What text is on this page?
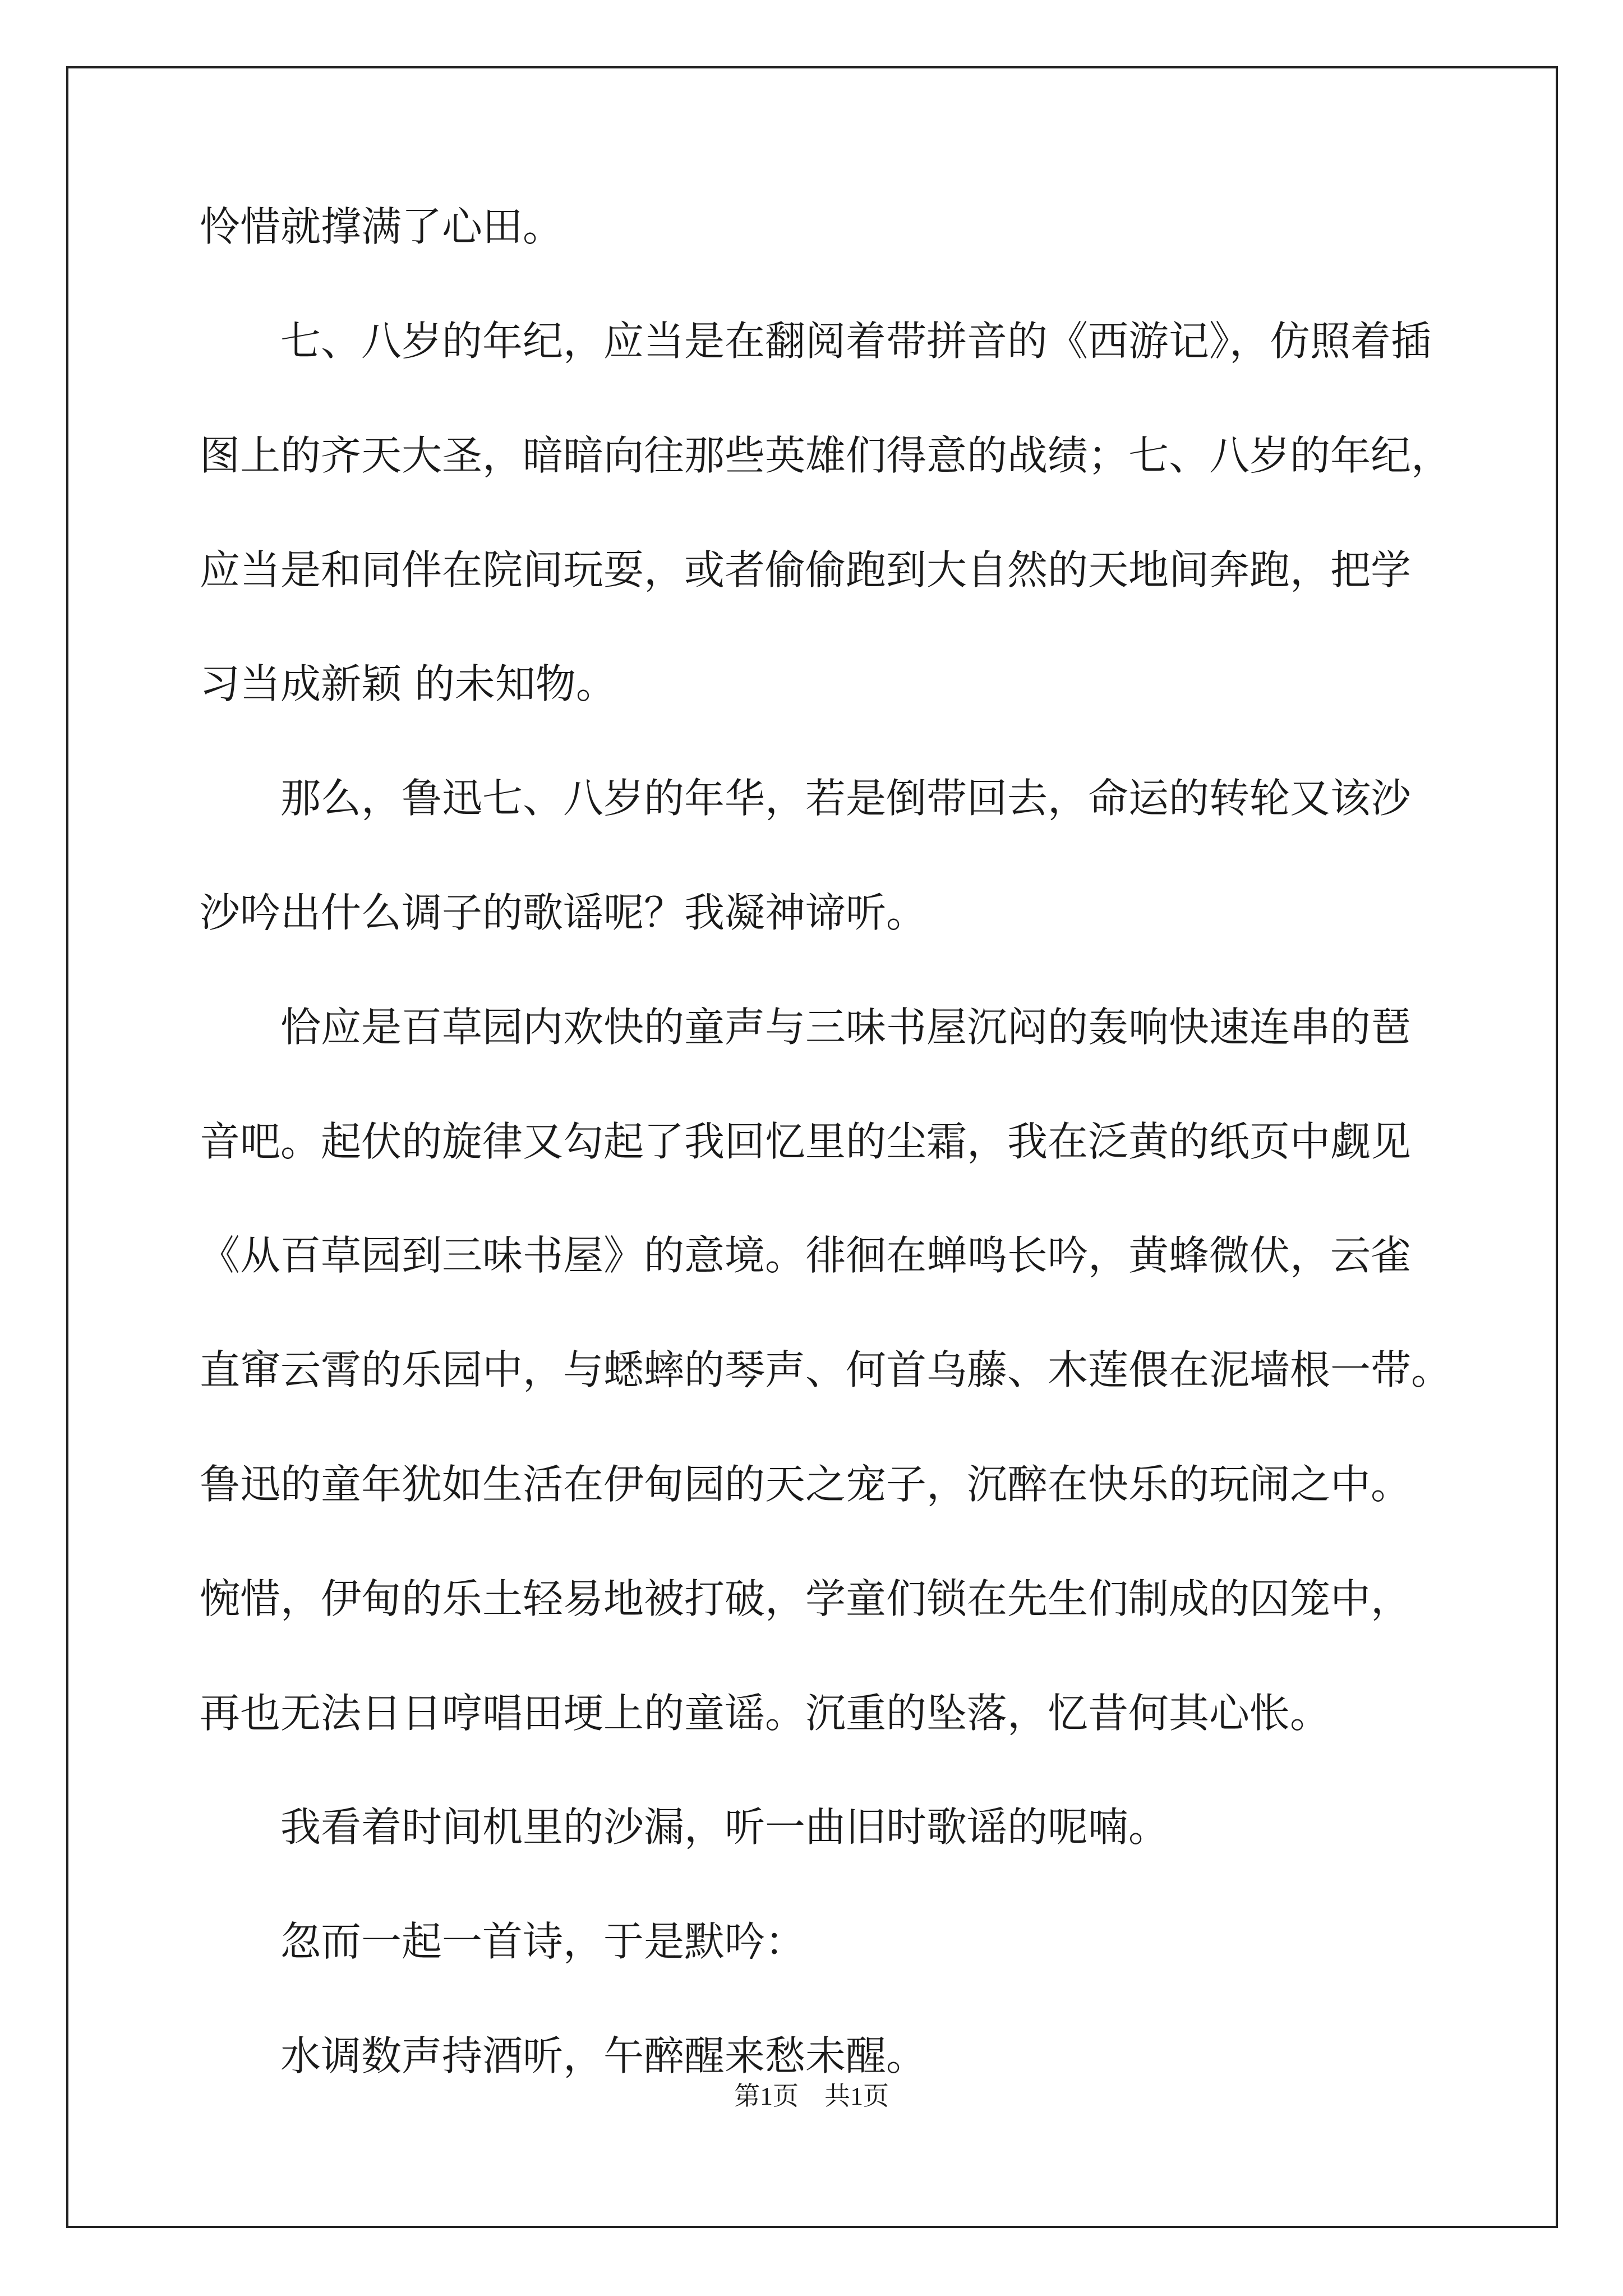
怜惜就撑满了心田。
七、八岁的年纪，应当是在翻阅着带拼音的《西游记》，仿照着插
图上的齐天大圣，暗暗向往那些英雄们得意的战绩；七、八岁的年纪，
应当是和同伴在院间玩耍，或者偷偷跑到大自然的天地间奔跑，把学
习当成新颖 的未知物。
那么，鲁迅七、八岁的年华，若是倒带回去，命运的转轮又该沙
沙吟出什么调子的歌谣呢？我凝神谛听。
恰应是百草园内欢快的童声与三味书屋沉闷的轰响快速连串的琶
音吧。起伏的旋律又勾起了我回忆里的尘霜，我在泛黄的纸页中觑见
《从百草园到三味书屋》的意境。徘徊在蝉鸣长吟，黄蜂微伏，云雀
直窜云霄的乐园中，与蟋蟀的琴声、何首乌藤、木莲偎在泥墙根一带。
鲁迅的童年犹如生活在伊甸园的天之宠子，沉醉在快乐的玩闹之中。
惋惜，伊甸的乐土轻易地被打破，学童们锁在先生们制成的囚笼中，
再也无法日日哼唱田埂上的童谣。沉重的坠落，忆昔何其心怅。
我看着时间机里的沙漏，听一曲旧时歌谣的呢喃。
忽而一起一首诗，于是默吟：
水调数声持酒听，午醉醒来愁未醒。
第1页 共1页
